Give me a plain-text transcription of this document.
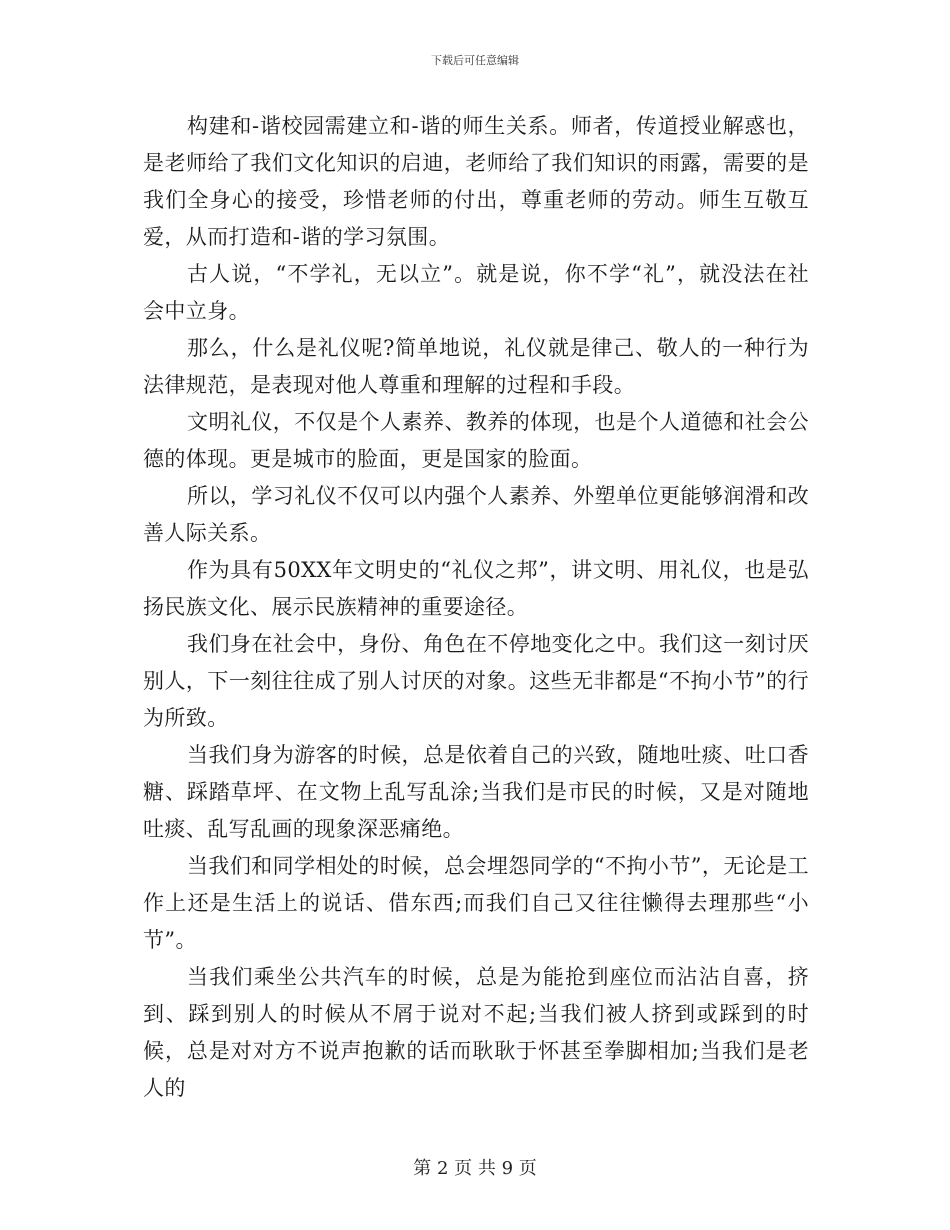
下载后可任意编辑

构建和-谐校园需建立和-谐的师生关系。师者，传道授业解惑也，是老师给了我们文化知识的启迪，老师给了我们知识的雨露，需要的是我们全身心的接受，珍惜老师的付出，尊重老师的劳动。师生互敬互爱，从而打造和-谐的学习氛围。

古人说，“不学礼，无以立”。就是说，你不学“礼”，就没法在社会中立身。

那么，什么是礼仪呢?简单地说，礼仪就是律己、敬人的一种行为法律规范，是表现对他人尊重和理解的过程和手段。

文明礼仪，不仅是个人素养、教养的体现，也是个人道德和社会公德的体现。更是城市的脸面，更是国家的脸面。

所以，学习礼仪不仅可以内强个人素养、外塑单位更能够润滑和改善人际关系。

作为具有50XX年文明史的“礼仪之邦”，讲文明、用礼仪，也是弘扬民族文化、展示民族精神的重要途径。

我们身在社会中，身份、角色在不停地变化之中。我们这一刻讨厌别人，下一刻往往成了别人讨厌的对象。这些无非都是“不拘小节”的行为所致。

当我们身为游客的时候，总是依着自己的兴致，随地吐痰、吐口香糖、踩踏草坪、在文物上乱写乱涂;当我们是市民的时候，又是对随地吐痰、乱写乱画的现象深恶痛绝。

当我们和同学相处的时候，总会埋怨同学的“不拘小节”，无论是工作上还是生活上的说话、借东西;而我们自己又往往懒得去理那些“小节”。

当我们乘坐公共汽车的时候，总是为能抢到座位而沾沾自喜，挤到、踩到别人的时候从不屑于说对不起;当我们被人挤到或踩到的时候，总是对对方不说声抱歉的话而耿耿于怀甚至拳脚相加;当我们是老人的

第 2 页 共 9 页
